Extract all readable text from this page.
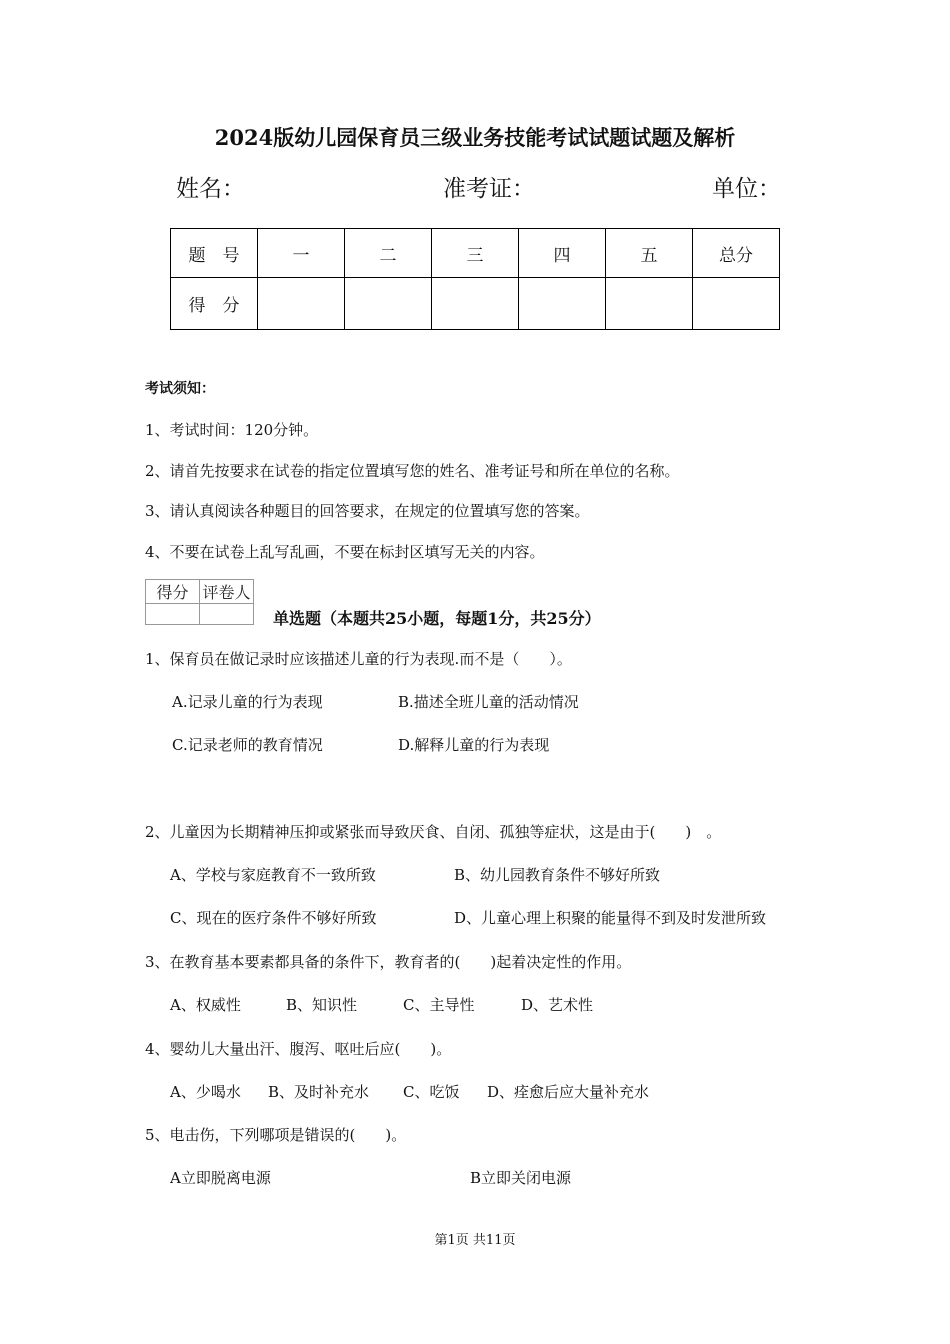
2024版幼儿园保育员三级业务技能考试试题试题及解析
姓名：	准考证：	单位：
题　号	一	二	三	四	五	总分
得　分						
考试须知：
1、考试时间：120分钟。
2、请首先按要求在试卷的指定位置填写您的姓名、准考证号和所在单位的名称。
3、请认真阅读各种题目的回答要求，在规定的位置填写您的答案。
4、不要在试卷上乱写乱画，不要在标封区填写无关的内容。
得分	评卷人

单选题（本题共25小题，每题1分，共25分）
1、保育员在做记录时应该描述儿童的行为表现.而不是（　　）。
A.记录儿童的行为表现	B.描述全班儿童的活动情况
C.记录老师的教育情况	D.解释儿童的行为表现
2、儿童因为长期精神压抑或紧张而导致厌食、自闭、孤独等症状，这是由于(　　)　。
A、学校与家庭教育不一致所致	B、幼儿园教育条件不够好所致
C、现在的医疗条件不够好所致	D、儿童心理上积聚的能量得不到及时发泄所致
3、在教育基本要素都具备的条件下，教育者的(　　)起着决定性的作用。
A、权威性	B、知识性	C、主导性	D、艺术性
4、婴幼儿大量出汗、腹泻、呕吐后应(　　)。
A、少喝水 B、及时补充水 C、吃饭 D、痊愈后应大量补充水
5、电击伤，下列哪项是错误的(　　)。
A立即脱离电源	B立即关闭电源
第1页 共11页
